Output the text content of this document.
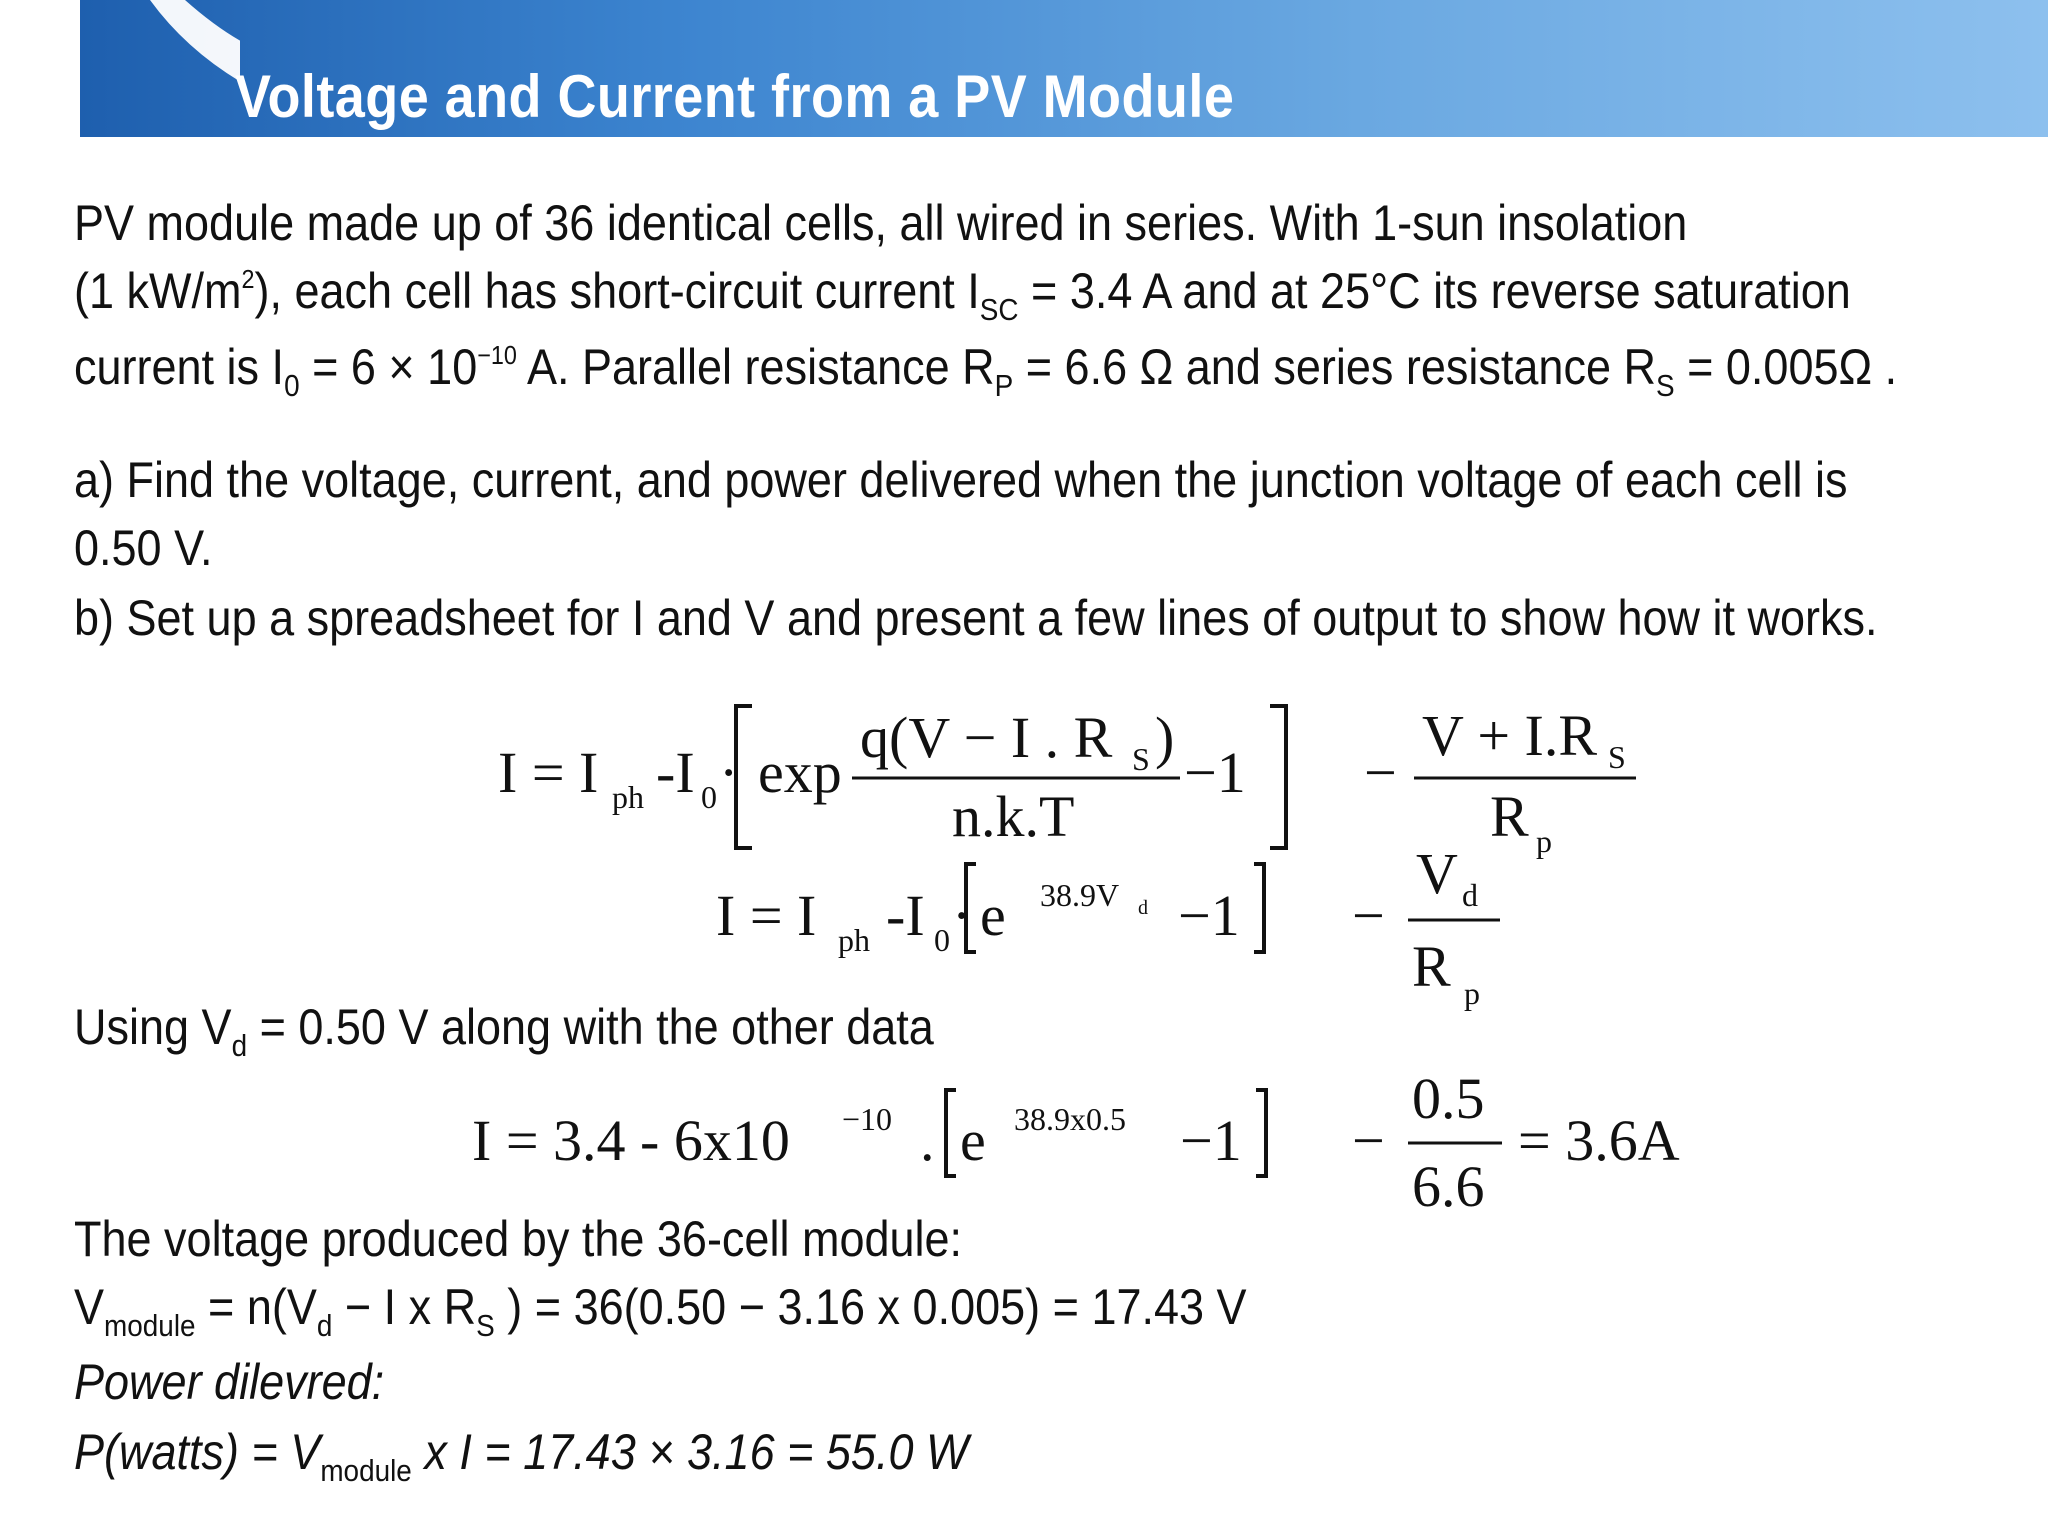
Voltage and Current from a PV Module

PV module made up of 36 identical cells, all wired in series. With 1-sun insolation

(1 $kW/m^2$), each cell has short-circuit current $I_{SC} = 3.4$ A and at 25°C its reverse saturation

current is $I_0 = 6 \times 10^{-10}$ A. Parallel resistance $R_P = 6.6$ Ω and series resistance $R_S = 0.005\Omega$ .

a) Find the voltage, current, and power delivered when the junction voltage of each cell is

0.50 V.

b) Set up a spreadsheet for I and V and present a few lines of output to show how it works.

I = I ph -I 0 · exp
q(V − I . R S )
n.k.T
−1 −
V + I.R S
R p
I = I ph -I 0 · e 38.9V d −1 −
V d
R p
I = 3.4 - 6x10 −10 . e 38.9x0.5 −1 −
0.5
6.6
= 3.6A

Using $V_d = 0.50$ V along with the other data

The voltage produced by the 36-cell module:

$V_{module} = n(V_d - I$ x $R_S$ ) = 36(0.50 − 3.16 x 0.005) = 17.43 V

Power dilevred:

P(watts) = $V_{module}$ x I = 17.43 × 3.16 = 55.0 W
